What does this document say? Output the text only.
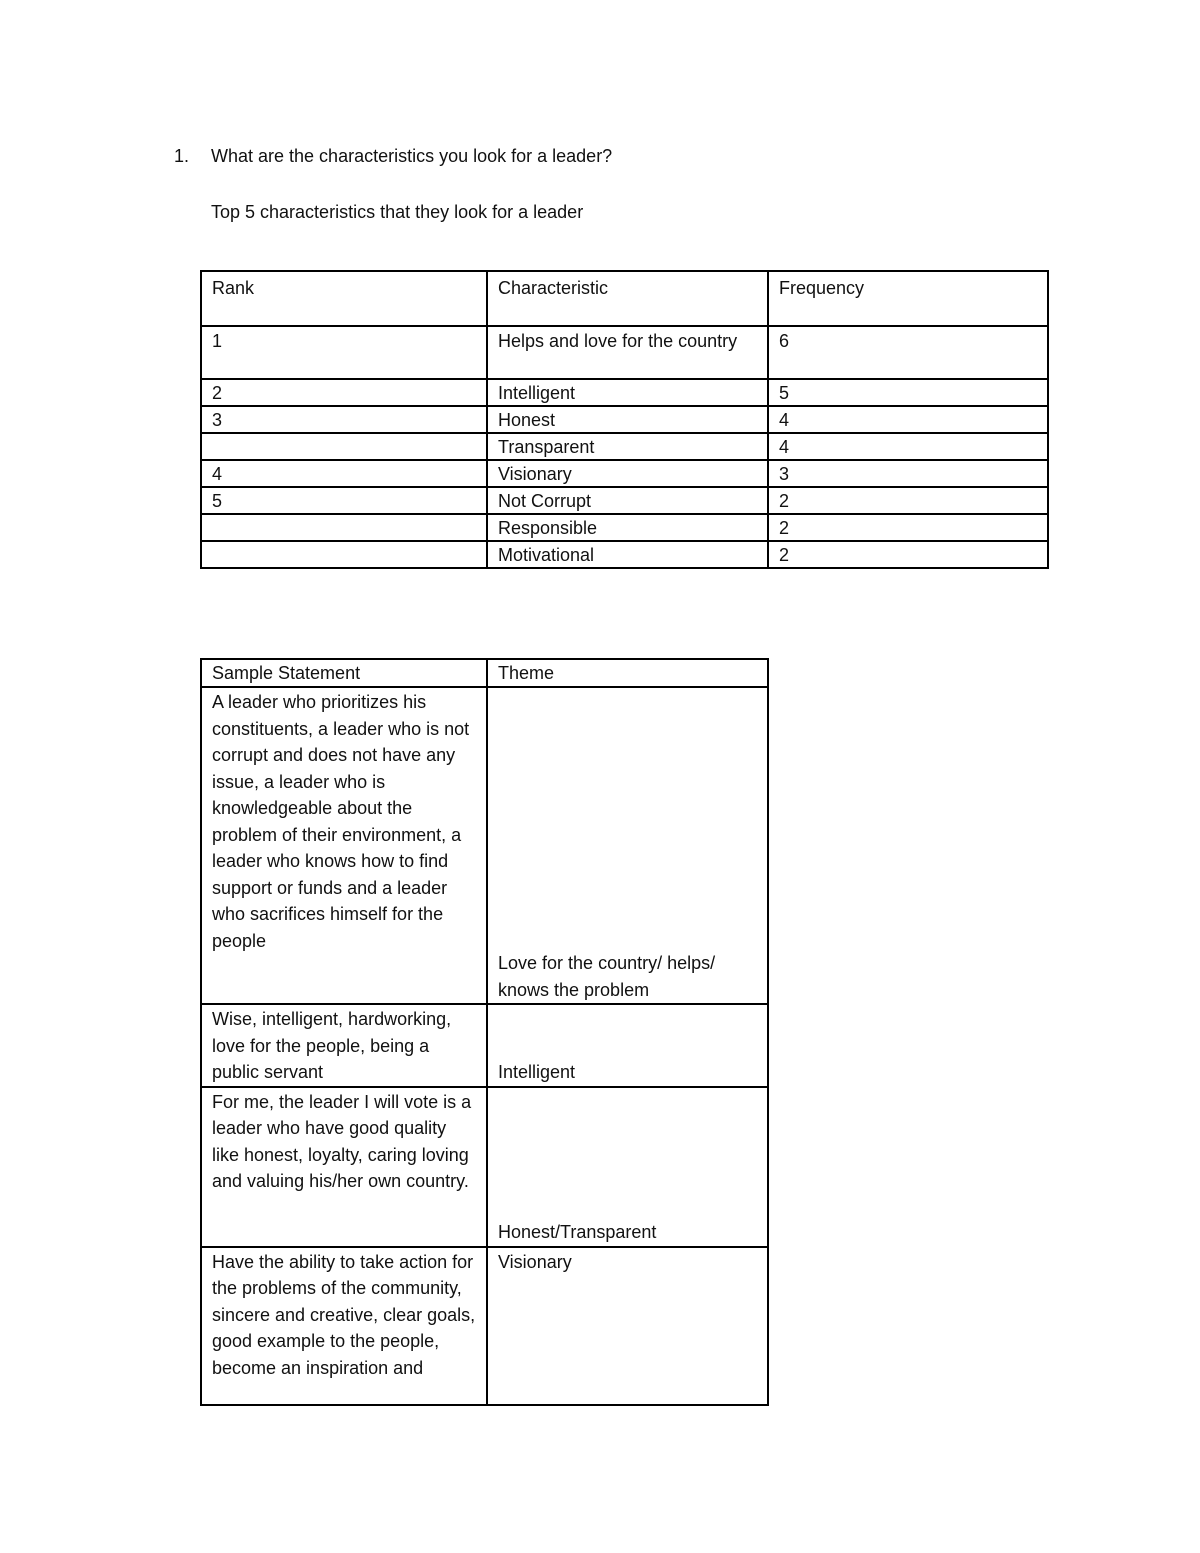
1. What are the characteristics you look for a leader?
Top 5 characteristics that they look for a leader
Rank	Characteristic	Frequency
1	Helps and love for the country	6
2	Intelligent	5
3	Honest	4
	Transparent	4
4	Visionary	3
5	Not Corrupt	2
	Responsible	2
	Motivational	2
Sample Statement	Theme
A leader who prioritizes his constituents, a leader who is not corrupt and does not have any issue, a leader who is knowledgeable about the problem of their environment, a leader who knows how to find support or funds and a leader who sacrifices himself for the people	Love for the country/ helps/ knows the problem
Wise, intelligent, hardworking, love for the people, being a public servant	Intelligent
For me, the leader I will vote is a leader who have good quality like honest, loyalty, caring loving and valuing his/her own country.	Honest/Transparent
Have the ability to take action for the problems of the community, sincere and creative, clear goals, good example to the people, become an inspiration and	Visionary
